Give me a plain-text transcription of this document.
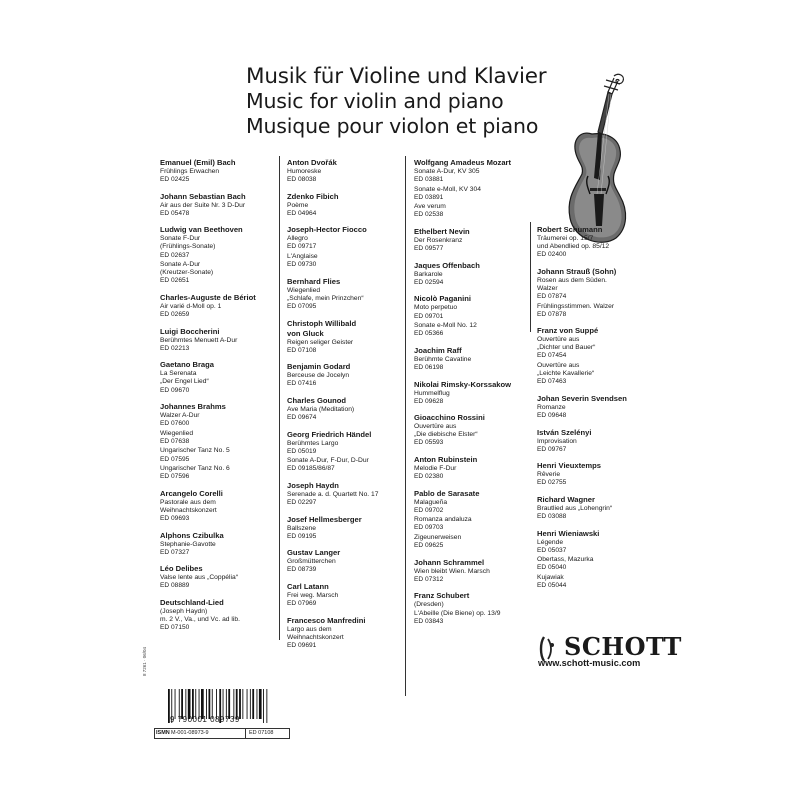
Musik für Violine und Klavier
Music for violin and piano
Musique pour violon et piano
Emanuel (Emil) Bach
Frühlings Erwachen
ED 02425
Johann Sebastian Bach
Air aus der Suite Nr. 3 D-Dur
ED 05478
Ludwig van Beethoven
Sonate F-Dur
(Frühlings-Sonate)
ED 02637
Sonate A-Dur
(Kreutzer-Sonate)
ED 02651
Charles-Auguste de Bériot
Air varié d-Moll op. 1
ED 02659
Luigi Boccherini
Berühmtes Menuett A-Dur
ED 02213
Gaetano Braga
La Serenata
„Der Engel Lied“
ED 09670
Johannes Brahms
Walzer A-Dur
ED 07600
Wiegenlied
ED 07638
Ungarischer Tanz No. 5
ED 07595
Ungarischer Tanz No. 6
ED 07596
Arcangelo Corelli
Pastorale aus dem
Weihnachtskonzert
ED 09693
Alphons Czibulka
Stephanie-Gavotte
ED 07327
Léo Delibes
Valse lente aus „Coppélia“
ED 08889
Deutschland-Lied
(Joseph Haydn)
m. 2 V., Va., und Vc. ad lib.
ED 07150
Anton Dvořák
Humoreske
ED 08038
Zdenko Fibich
Poème
ED 04964
Joseph-Hector Fiocco
Allegro
ED 09717
L'Anglaise
ED 09730
Bernhard Flies
Wiegenlied
„Schlafe, mein Prinzchen“
ED 07095
Christoph Willibald
von Gluck
Reigen seliger Geister
ED 07108
Benjamin Godard
Berceuse de Jocelyn
ED 07416
Charles Gounod
Ave Maria (Meditation)
ED 09674
Georg Friedrich Händel
Berühmtes Largo
ED 05019
Sonate A-Dur, F-Dur, D-Dur
ED 09185/86/87
Joseph Haydn
Serenade a. d. Quartett No. 17
ED 02297
Josef Hellmesberger
Ballszene
ED 09195
Gustav Langer
Großmütterchen
ED 08739
Carl Latann
Frei weg. Marsch
ED 07969
Francesco Manfredini
Largo aus dem
Weihnachtskonzert
ED 09691
Wolfgang Amadeus Mozart
Sonate A-Dur, KV 305
ED 03881
Sonate e-Moll, KV 304
ED 03891
Ave verum
ED 02538
Ethelbert Nevin
Der Rosenkranz
ED 09577
Jaques Offenbach
Barkarole
ED 02594
Nicolò Paganini
Moto perpetuo
ED 09701
Sonate e-Moll No. 12
ED 05366
Joachim Raff
Berühmte Cavatine
ED 06198
Nikolai Rimsky-Korssakow
Hummelflug
ED 09628
Gioacchino Rossini
Ouvertüre aus
„Die diebische Elster“
ED 05593
Anton Rubinstein
Melodie F-Dur
ED 02380
Pablo de Sarasate
Malagueña
ED 09702
Romanza andaluza
ED 09703
Zigeunerweisen
ED 09625
Johann Schrammel
Wien bleibt Wien. Marsch
ED 07312
Franz Schubert
(Dresden)
L'Abeille (Die Biene) op. 13/9
ED 03843
Robert Schumann
Träumerei op. 15/7
und Abendlied op. 85/12
ED 02400
Johann Strauß (Sohn)
Rosen aus dem Süden.
Walzer
ED 07874
Frühlingsstimmen. Walzer
ED 07878
Franz von Suppé
Ouvertüre aus
„Dichter und Bauer“
ED 07454
Ouvertüre aus
„Leichte Kavallerie“
ED 07463
Johan Severin Svendsen
Romanze
ED 09648
István Szelényi
Improvisation
ED 09767
Henri Vieuxtemps
Rêverie
ED 02755
Richard Wagner
Brautlied aus „Lohengrin“
ED 03088
Henri Wieniawski
Légende
ED 05037
Obertass, Mazurka
ED 05040
Kujawiak
ED 05044
SCHOTT
www.schott-music.com
8 7261 · 06/04
9 790001 089739
ISMN M-001-08973-9	ED 07108
